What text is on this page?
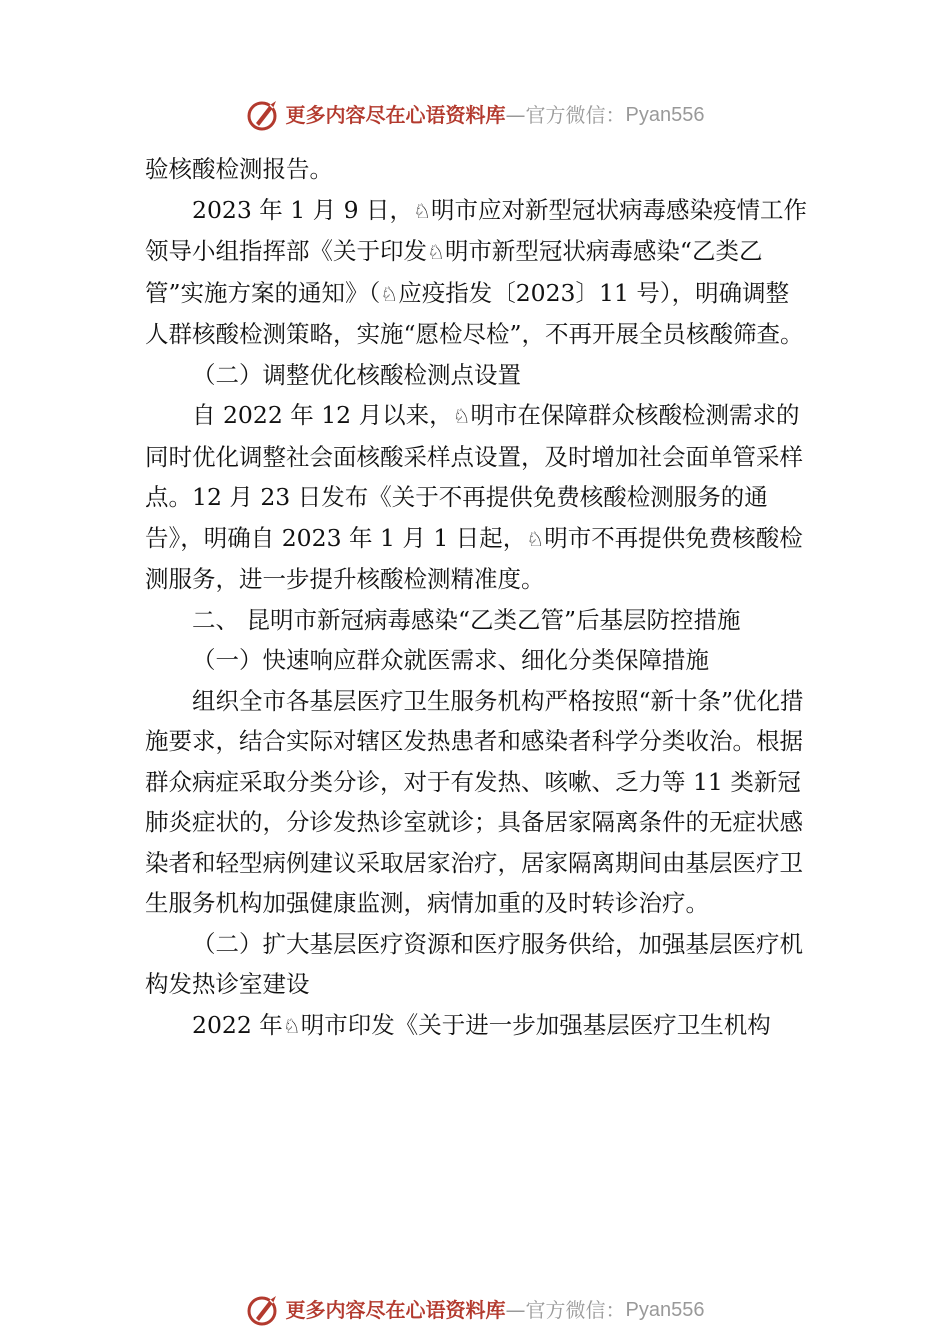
更多内容尽在心语资料库 — 官方微信： Pyan556

验核酸检测报告。

2023 年 1 月 9 日，♘明市应对新型冠状病毒感染疫情工作领导小组指挥部《关于印发♘明市新型冠状病毒感染“乙类乙管”实施方案的通知》（♘应疫指发〔2023〕11 号），明确调整人群核酸检测策略，实施“愿检尽检”，不再开展全员核酸筛查。

（二）调整优化核酸检测点设置

自 2022 年 12 月以来，♘明市在保障群众核酸检测需求的同时优化调整社会面核酸采样点设置，及时增加社会面单管采样点。12 月 23 日发布《关于不再提供免费核酸检测服务的通告》，明确自 2023 年 1 月 1 日起，♘明市不再提供免费核酸检测服务，进一步提升核酸检测精准度。

二、 昆明市新冠病毒感染“乙类乙管”后基层防控措施

（一）快速响应群众就医需求、细化分类保障措施

组织全市各基层医疗卫生服务机构严格按照“新十条”优化措施要求，结合实际对辖区发热患者和感染者科学分类收治。根据群众病症采取分类分诊，对于有发热、咳嗽、乏力等 11 类新冠肺炎症状的，分诊发热诊室就诊；具备居家隔离条件的无症状感染者和轻型病例建议采取居家治疗，居家隔离期间由基层医疗卫生服务机构加强健康监测，病情加重的及时转诊治疗。

（二）扩大基层医疗资源和医疗服务供给，加强基层医疗机构发热诊室建设

2022 年♘明市印发《关于进一步加强基层医疗卫生机构

更多内容尽在心语资料库 — 官方微信： Pyan556
